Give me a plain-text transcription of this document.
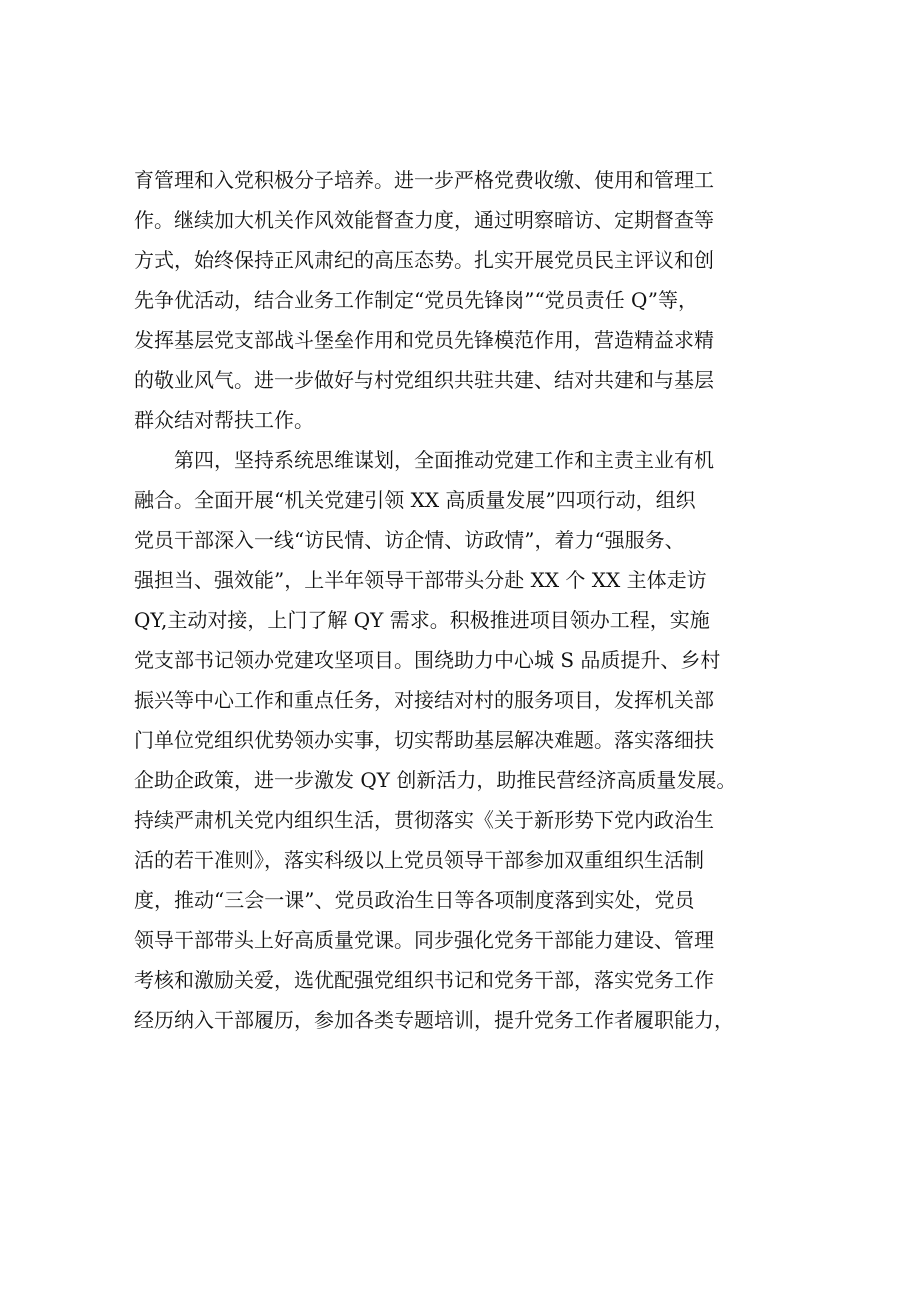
育管理和入党积极分子培养。进一步严格党费收缴、使用和管理工
作。继续加大机关作风效能督查力度，通过明察暗访、定期督查等
方式，始终保持正风肃纪的高压态势。扎实开展党员民主评议和创
先争优活动，结合业务工作制定“党员先锋岗”“党员责任 Q”等，
发挥基层党支部战斗堡垒作用和党员先锋模范作用，营造精益求精
的敬业风气。进一步做好与村党组织共驻共建、结对共建和与基层
群众结对帮扶工作。
第四，坚持系统思维谋划，全面推动党建工作和主责主业有机
融合。全面开展“机关党建引领 XX 高质量发展”四项行动，组织
党员干部深入一线“访民情、访企情、访政情”，着力“强服务、
强担当、强效能”，上半年领导干部带头分赴 XX 个 XX 主体走访
QY,主动对接，上门了解 QY 需求。积极推进项目领办工程，实施
党支部书记领办党建攻坚项目。围绕助力中心城 S 品质提升、乡村
振兴等中心工作和重点任务，对接结对村的服务项目，发挥机关部
门单位党组织优势领办实事，切实帮助基层解决难题。落实落细扶
企助企政策，进一步激发 QY 创新活力，助推民营经济高质量发展。
持续严肃机关党内组织生活，贯彻落实《关于新形势下党内政治生
活的若干准则》，落实科级以上党员领导干部参加双重组织生活制
度，推动“三会一课”、党员政治生日等各项制度落到实处，党员
领导干部带头上好高质量党课。同步强化党务干部能力建设、管理
考核和激励关爱，选优配强党组织书记和党务干部，落实党务工作
经历纳入干部履历，参加各类专题培训，提升党务工作者履职能力，
